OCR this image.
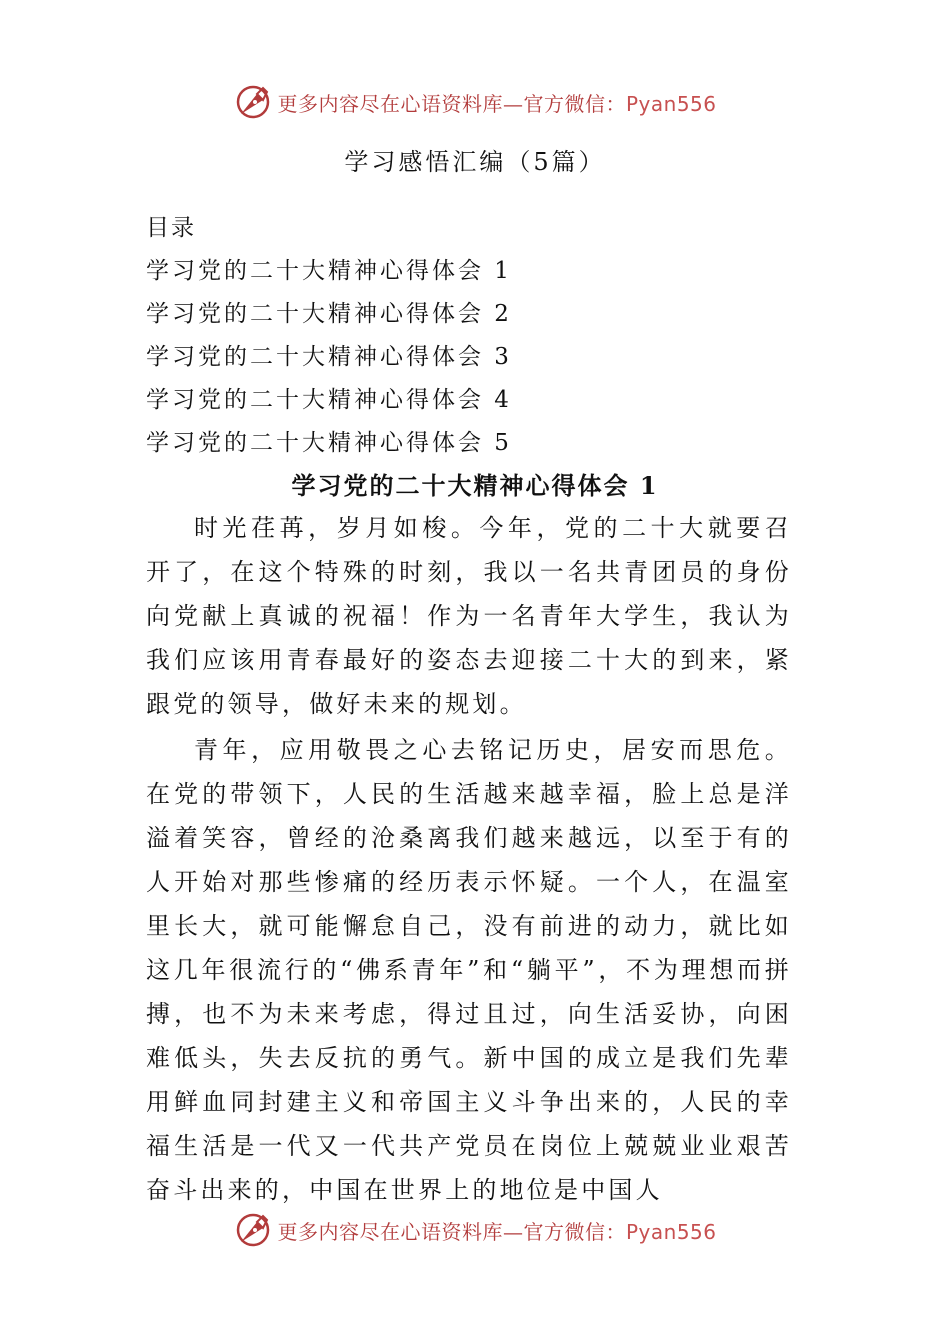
更多内容尽在心语资料库—官方微信：Pyan556
学习感悟汇编（5篇）
目录
学习党的二十大精神心得体会 1
学习党的二十大精神心得体会 2
学习党的二十大精神心得体会 3
学习党的二十大精神心得体会 4
学习党的二十大精神心得体会 5
学习党的二十大精神心得体会 1

时光荏苒，岁月如梭。今年，党的二十大就要召开了，在这个特殊的时刻，我以一名共青团员的身份向党献上真诚的祝福！作为一名青年大学生，我认为我们应该用青春最好的姿态去迎接二十大的到来，紧跟党的领导，做好未来的规划。

青年，应用敬畏之心去铭记历史，居安而思危。在党的带领下，人民的生活越来越幸福，脸上总是洋溢着笑容，曾经的沧桑离我们越来越远，以至于有的人开始对那些惨痛的经历表示怀疑。一个人，在温室里长大，就可能懈怠自己，没有前进的动力，就比如这几年很流行的“佛系青年”和“躺平”，不为理想而拼搏，也不为未来考虑，得过且过，向生活妥协，向困难低头，失去反抗的勇气。新中国的成立是我们先辈用鲜血同封建主义和帝国主义斗争出来的，人民的幸福生活是一代又一代共产党员在岗位上兢兢业业艰苦奋斗出来的，中国在世界上的地位是中国人

更多内容尽在心语资料库—官方微信：Pyan556
